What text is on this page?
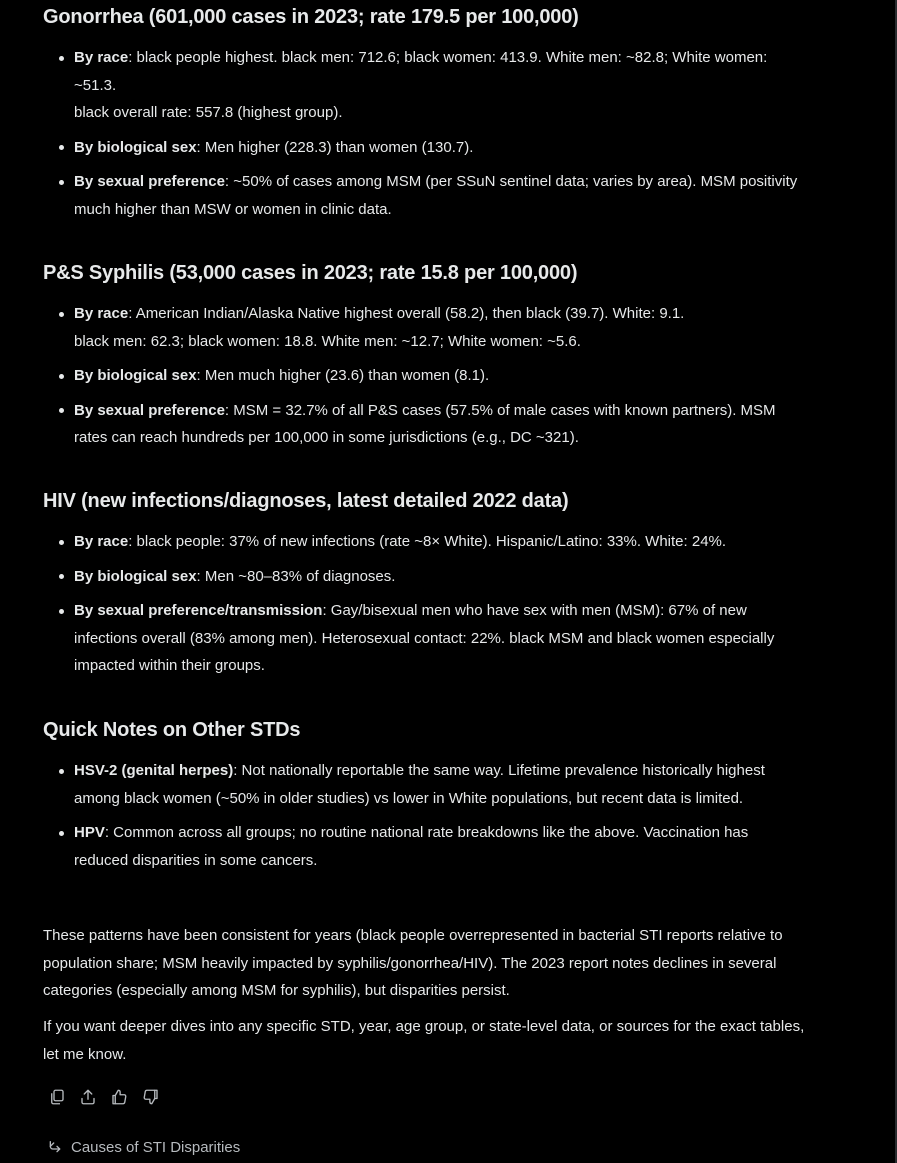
Gonorrhea (601,000 cases in 2023; rate 179.5 per 100,000)
By race: black people highest. black men: 712.6; black women: 413.9. White men: ~82.8; White women: ~51.3.
black overall rate: 557.8 (highest group).
By biological sex: Men higher (228.3) than women (130.7).
By sexual preference: ~50% of cases among MSM (per SSuN sentinel data; varies by area). MSM positivity much higher than MSW or women in clinic data.
P&S Syphilis (53,000 cases in 2023; rate 15.8 per 100,000)
By race: American Indian/Alaska Native highest overall (58.2), then black (39.7). White: 9.1.
black men: 62.3; black women: 18.8. White men: ~12.7; White women: ~5.6.
By biological sex: Men much higher (23.6) than women (8.1).
By sexual preference: MSM = 32.7% of all P&S cases (57.5% of male cases with known partners). MSM rates can reach hundreds per 100,000 in some jurisdictions (e.g., DC ~321).
HIV (new infections/diagnoses, latest detailed 2022 data)
By race: black people: 37% of new infections (rate ~8× White). Hispanic/Latino: 33%. White: 24%.
By biological sex: Men ~80–83% of diagnoses.
By sexual preference/transmission: Gay/bisexual men who have sex with men (MSM): 67% of new infections overall (83% among men). Heterosexual contact: 22%. black MSM and black women especially impacted within their groups.
Quick Notes on Other STDs
HSV-2 (genital herpes): Not nationally reportable the same way. Lifetime prevalence historically highest among black women (~50% in older studies) vs lower in White populations, but recent data is limited.
HPV: Common across all groups; no routine national rate breakdowns like the above. Vaccination has reduced disparities in some cancers.

These patterns have been consistent for years (black people overrepresented in bacterial STI reports relative to population share; MSM heavily impacted by syphilis/gonorrhea/HIV). The 2023 report notes declines in several categories (especially among MSM for syphilis), but disparities persist.

If you want deeper dives into any specific STD, year, age group, or state-level data, or sources for the exact tables, let me know.

Causes of STI Disparities
